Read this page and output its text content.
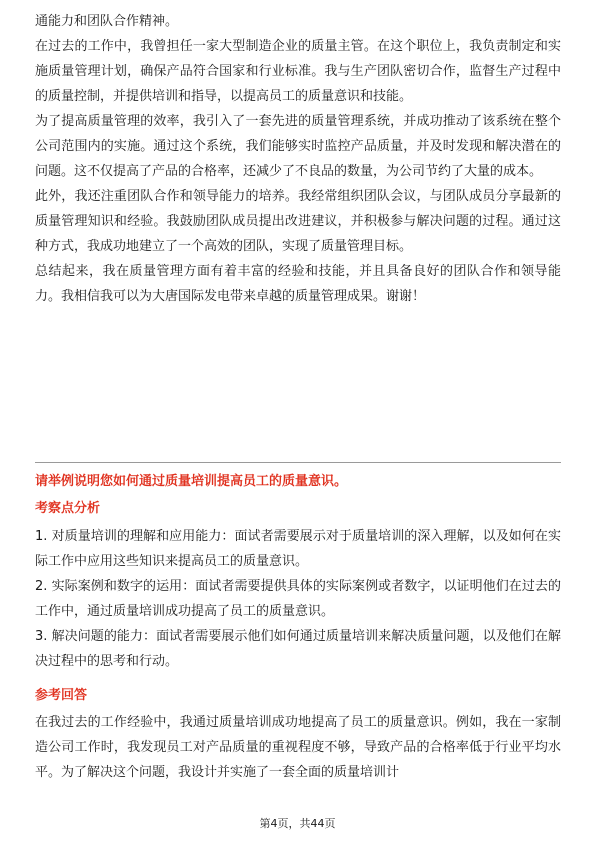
通能力和团队合作精神。

在过去的工作中，我曾担任一家大型制造企业的质量主管。在这个职位上，我负责制定和实施质量管理计划，确保产品符合国家和行业标准。我与生产团队密切合作，监督生产过程中的质量控制，并提供培训和指导，以提高员工的质量意识和技能。

为了提高质量管理的效率，我引入了一套先进的质量管理系统，并成功推动了该系统在整个公司范围内的实施。通过这个系统，我们能够实时监控产品质量，并及时发现和解决潜在的问题。这不仅提高了产品的合格率，还减少了不良品的数量，为公司节约了大量的成本。

此外，我还注重团队合作和领导能力的培养。我经常组织团队会议，与团队成员分享最新的质量管理知识和经验。我鼓励团队成员提出改进建议，并积极参与解决问题的过程。通过这种方式，我成功地建立了一个高效的团队，实现了质量管理目标。

总结起来，我在质量管理方面有着丰富的经验和技能，并且具备良好的团队合作和领导能力。我相信我可以为大唐国际发电带来卓越的质量管理成果。谢谢！

请举例说明您如何通过质量培训提高员工的质量意识。
考察点分析

1. 对质量培训的理解和应用能力：面试者需要展示对于质量培训的深入理解，以及如何在实际工作中应用这些知识来提高员工的质量意识。

2. 实际案例和数字的运用：面试者需要提供具体的实际案例或者数字，以证明他们在过去的工作中，通过质量培训成功提高了员工的质量意识。

3. 解决问题的能力：面试者需要展示他们如何通过质量培训来解决质量问题，以及他们在解决过程中的思考和行动。

参考回答

在我过去的工作经验中，我通过质量培训成功地提高了员工的质量意识。例如，我在一家制造公司工作时，我发现员工对产品质量的重视程度不够，导致产品的合格率低于行业平均水平。为了解决这个问题，我设计并实施了一套全面的质量培训计

第4页，共44页
